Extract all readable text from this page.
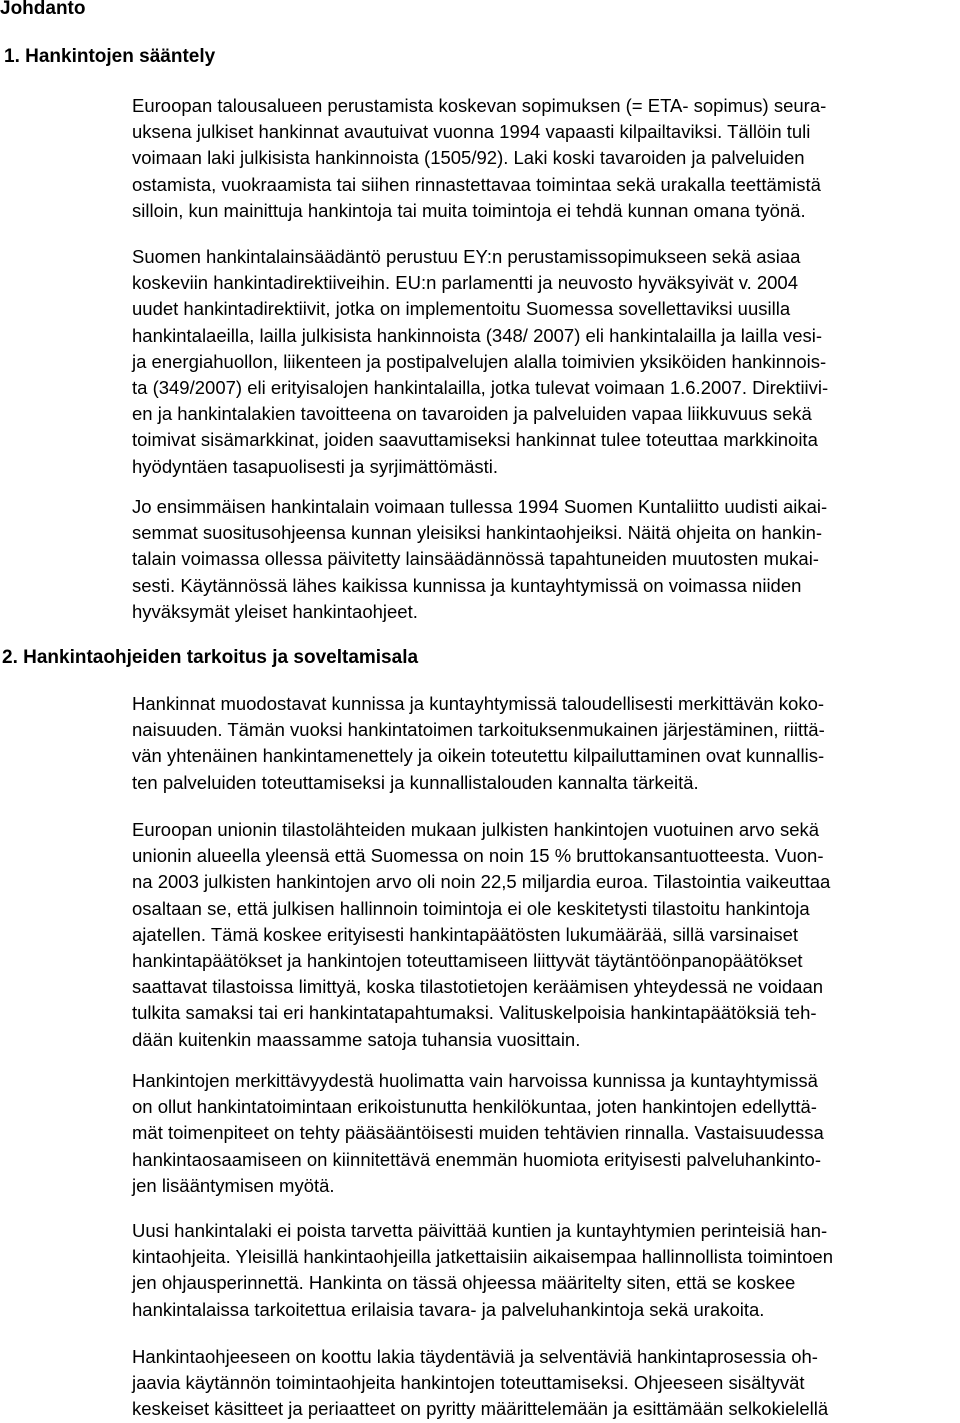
Johdanto
1. Hankintojen sääntely
Euroopan talousalueen perustamista koskevan sopimuksen (= ETA- sopimus) seura-
uksena julkiset hankinnat avautuivat vuonna 1994 vapaasti kilpailtaviksi. Tällöin tuli
voimaan laki julkisista hankinnoista (1505/92). Laki koski tavaroiden ja palveluiden
ostamista, vuokraamista tai siihen rinnastettavaa toimintaa sekä urakalla teettämistä
silloin, kun mainittuja hankintoja tai muita toimintoja ei tehdä kunnan omana työnä.
Suomen hankintalainsäädäntö perustuu EY:n perustamissopimukseen sekä asiaa
koskeviin hankintadirektiiveihin. EU:n parlamentti ja neuvosto hyväksyivät v. 2004
uudet hankintadirektiivit, jotka on implementoitu Suomessa sovellettaviksi uusilla
hankintalaeilla, lailla julkisista hankinnoista (348/ 2007) eli hankintalailla ja lailla vesi-
ja energiahuollon, liikenteen ja postipalvelujen alalla toimivien yksiköiden hankinnois-
ta (349/2007) eli erityisalojen hankintalailla, jotka tulevat voimaan 1.6.2007. Direktiivi-
en ja hankintalakien tavoitteena on tavaroiden ja palveluiden vapaa liikkuvuus sekä
toimivat sisämarkkinat, joiden saavuttamiseksi hankinnat tulee toteuttaa markkinoita
hyödyntäen tasapuolisesti ja syrjimättömästi.
Jo ensimmäisen hankintalain voimaan tullessa 1994 Suomen Kuntaliitto uudisti aikai-
semmat suositusohjeensa kunnan yleisiksi hankintaohjeiksi. Näitä ohjeita on hankin-
talain voimassa ollessa päivitetty lainsäädännössä tapahtuneiden muutosten mukai-
sesti. Käytännössä lähes kaikissa kunnissa ja kuntayhtymissä on voimassa niiden
hyväksymät yleiset hankintaohjeet.
2. Hankintaohjeiden tarkoitus ja soveltamisala
Hankinnat muodostavat kunnissa ja kuntayhtymissä taloudellisesti merkittävän koko-
naisuuden. Tämän vuoksi hankintatoimen tarkoituksenmukainen järjestäminen, riittä-
vän yhtenäinen hankintamenettely ja oikein toteutettu kilpailuttaminen ovat kunnallis-
ten palveluiden toteuttamiseksi ja kunnallistalouden kannalta tärkeitä.
Euroopan unionin tilastolähteiden mukaan julkisten hankintojen vuotuinen arvo sekä
unionin alueella yleensä että Suomessa on noin 15 % bruttokansantuotteesta. Vuon-
na 2003 julkisten hankintojen arvo oli noin 22,5 miljardia euroa. Tilastointia vaikeuttaa
osaltaan se, että julkisen hallinnoin toimintoja ei ole keskitetysti tilastoitu hankintoja
ajatellen. Tämä koskee erityisesti hankintapäätösten lukumäärää, sillä varsinaiset
hankintapäätökset ja hankintojen toteuttamiseen liittyvät täytäntöönpanopäätökset
saattavat tilastoissa limittyä, koska tilastotietojen keräämisen yhteydessä ne voidaan
tulkita samaksi tai eri hankintatapahtumaksi. Valituskelpoisia hankintapäätöksiä teh-
dään kuitenkin maassamme satoja tuhansia vuosittain.
Hankintojen merkittävyydestä huolimatta vain harvoissa kunnissa ja kuntayhtymissä
on ollut hankintatoimintaan erikoistunutta henkilökuntaa, joten hankintojen edellyttä-
mät toimenpiteet on tehty pääsääntöisesti muiden tehtävien rinnalla. Vastaisuudessa
hankintaosaamiseen on kiinnitettävä enemmän huomiota erityisesti palveluhankinto-
jen lisääntymisen myötä.
Uusi hankintalaki ei poista tarvetta päivittää kuntien ja kuntayhtymien perinteisiä han-
kintaohjeita. Yleisillä hankintaohjeilla jatkettaisiin aikaisempaa hallinnollista toimintoen
jen ohjausperinnettä. Hankinta on tässä ohjeessa määritelty siten, että se koskee
hankintalaissa tarkoitettua erilaisia tavara- ja palveluhankintoja sekä urakoita.
Hankintaohjeeseen on koottu lakia täydentäviä ja selventäviä hankintaprosessia oh-
jaavia käytännön toimintaohjeita hankintojen toteuttamiseksi. Ohjeeseen sisältyvät
keskeiset käsitteet ja periaatteet on pyritty määrittelemään ja esittämään selkokielellä
